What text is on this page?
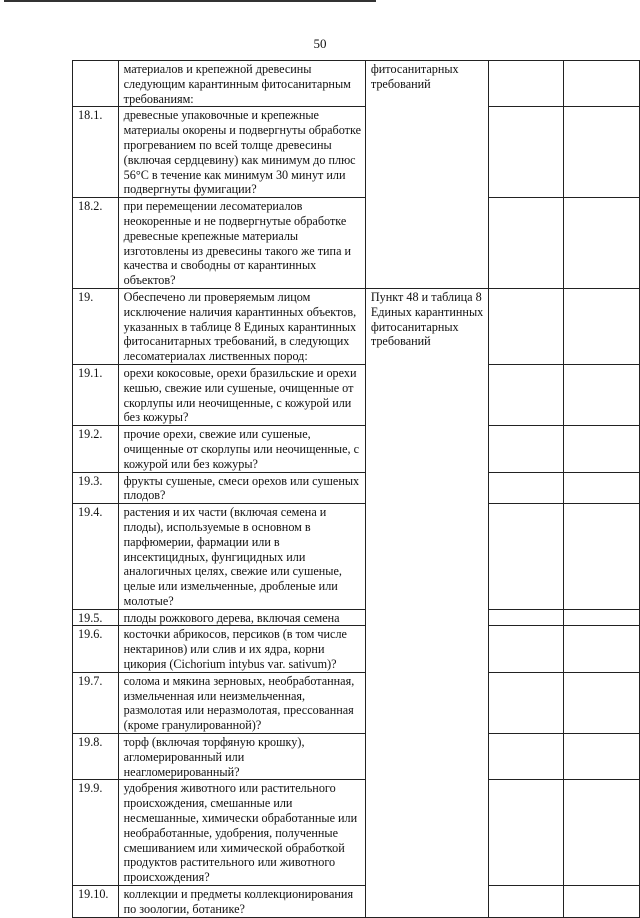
50
	материалов и крепежной древесины следующим карантинным фитосанитарным требованиям:	фитосанитарных требований		
18.1.	древесные упаковочные и крепежные материалы окорены и подвергнуты обработке прогреванием по всей толще древесины (включая сердцевину) как минимум до плюс 56°С в течение как минимум 30 минут или подвергнуты фумигации?			
18.2.	при перемещении лесоматериалов неокоренные и не подвергнутые обработке древесные крепежные материалы изготовлены из древесины такого же типа и качества и свободны от карантинных объектов?			
19.	Обеспечено ли проверяемым лицом исключение наличия карантинных объектов, указанных в таблице 8 Единых карантинных фитосанитарных требований, в следующих лесоматериалах лиственных пород:	Пункт 48 и таблица 8 Единых карантинных фитосанитарных требований		
19.1.	орехи кокосовые, орехи бразильские и орехи кешью, свежие или сушеные, очищенные от скорлупы или неочищенные, с кожурой или без кожуры?			
19.2.	прочие орехи, свежие или сушеные, очищенные от скорлупы или неочищенные, с кожурой или без кожуры?			
19.3.	фрукты сушеные, смеси орехов или сушеных плодов?			
19.4.	растения и их части (включая семена и плоды), используемые в основном в парфюмерии, фармации или в инсектицидных, фунгицидных или аналогичных целях, свежие или сушеные, целые или измельченные, дробленые или молотые?			
19.5.	плоды рожкового дерева, включая семена			
19.6.	косточки абрикосов, персиков (в том числе нектаринов) или слив и их ядра, корни цикория (Cichorium intybus var. sativum)?			
19.7.	солома и мякина зерновых, необработанная, измельченная или неизмельченная, размолотая или неразмолотая, прессованная (кроме гранулированной)?			
19.8.	торф (включая торфяную крошку), агломерированный или неагломерированный?			
19.9.	удобрения животного или растительного происхождения, смешанные или несмешанные, химически обработанные или необработанные, удобрения, полученные смешиванием или химической обработкой продуктов растительного или животного происхождения?			
19.10.	коллекции и предметы коллекционирования по зоологии, ботанике?			
